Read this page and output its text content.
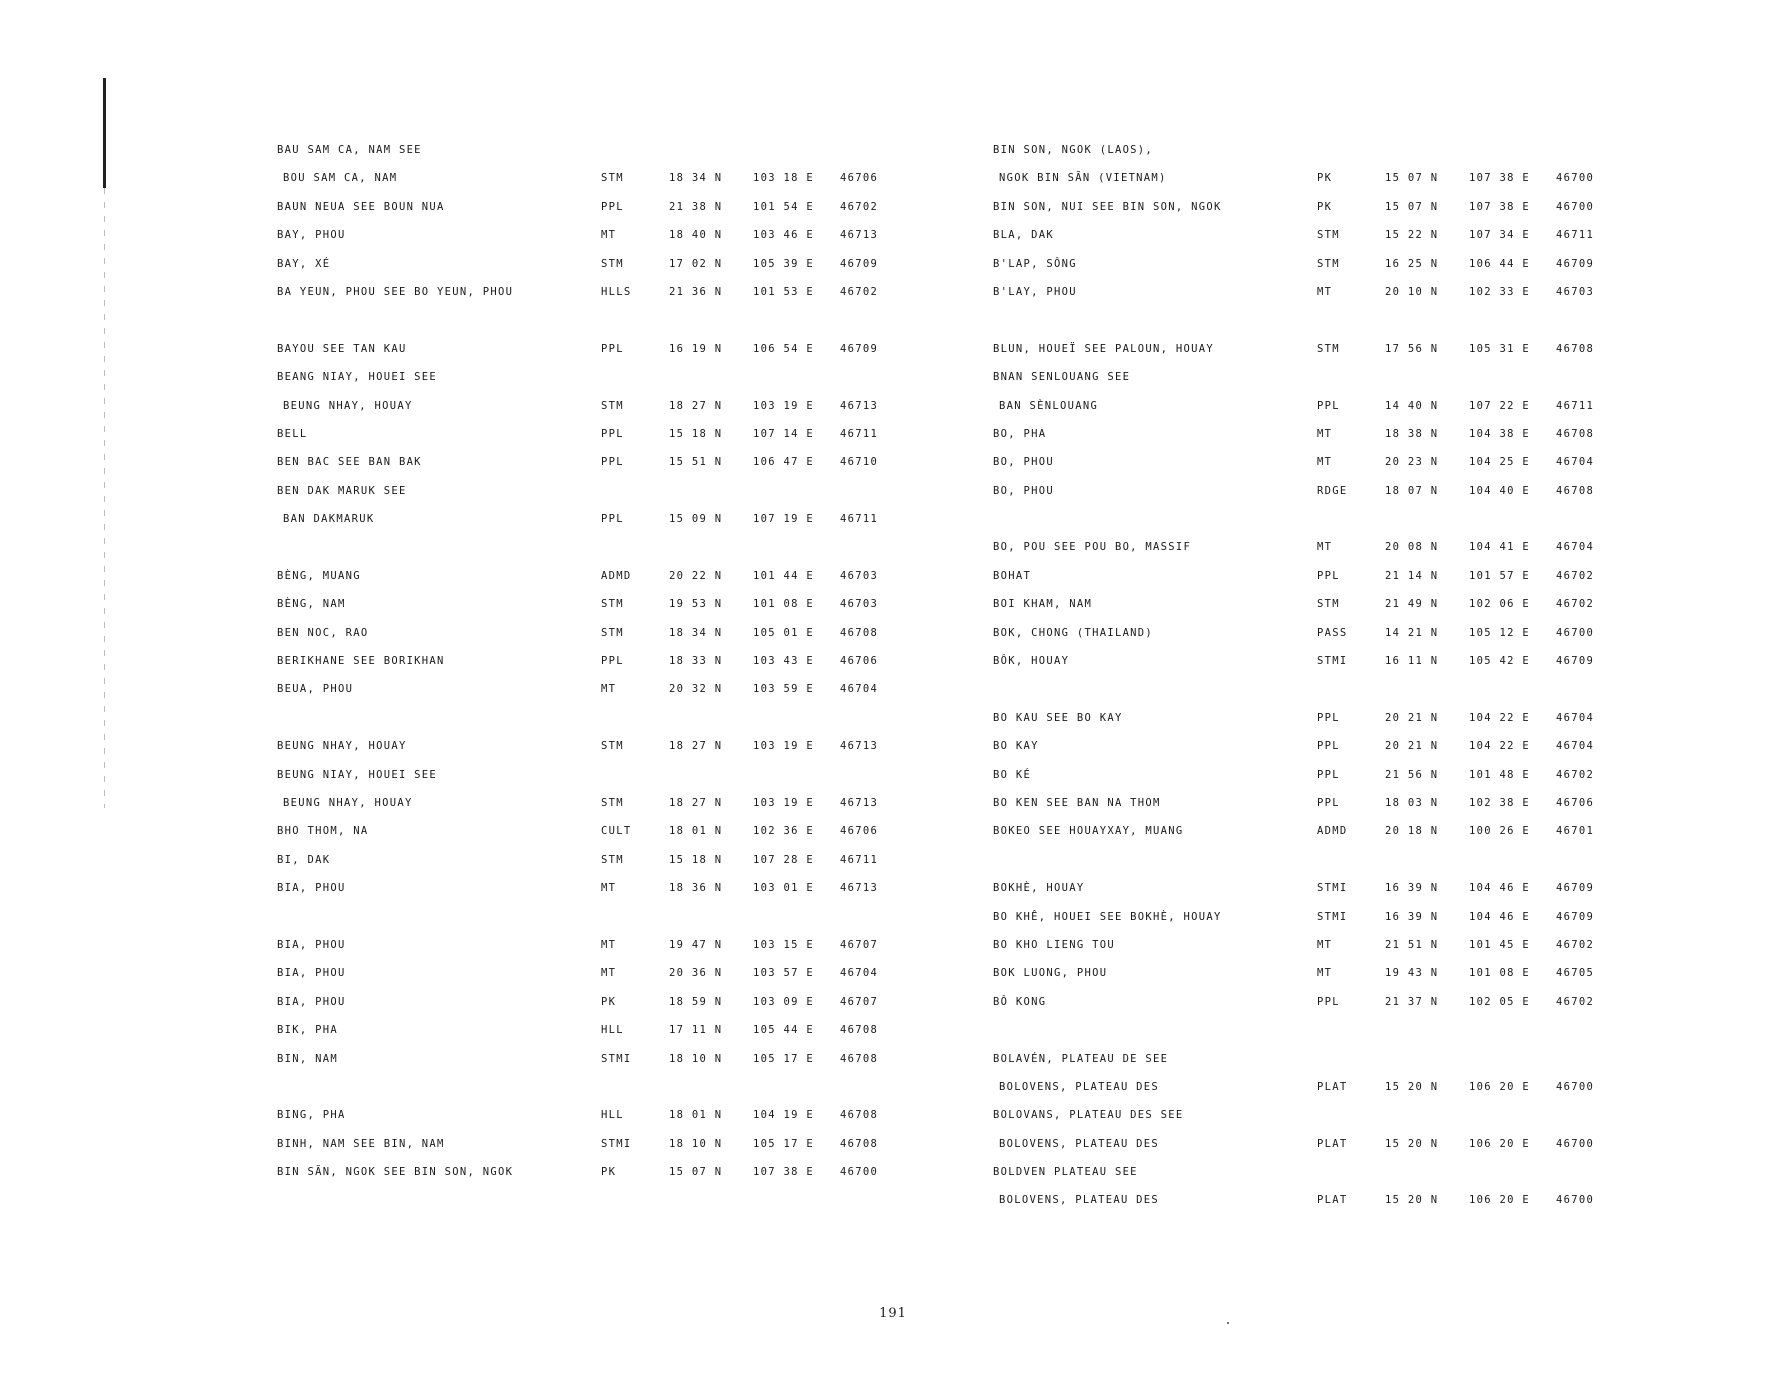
BAU SAM CA, NAM SEE
BOU SAM CA, NAM	STM	18 34 N	103 18 E 46706
BAUN NEUA SEE BOUN NUA	PPL	21 38 N	101 54 E 46702
BAY, PHOU	MT	18 40 N	103 46 E 46713
BAY, XÉ	STM	17 02 N	105 39 E 46709
BA YEUN, PHOU SEE BO YEUN, PHOU	HLLS	21 36 N	101 53 E 46702
BAYOU SEE TAN KAU	PPL	16 19 N	106 54 E 46709
BEANG NIAY, HOUEI SEE
BEUNG NHAY, HOUAY	STM	18 27 N	103 19 E 46713
BELL	PPL	15 18 N	107 14 E 46711
BEN BAC SEE BAN BAK	PPL	15 51 N	106 47 E 46710
BEN DAK MARUK SEE
BAN DAKMARUK	PPL	15 09 N	107 19 E 46711
BÈNG, MUANG	ADMD	20 22 N	101 44 E 46703
BÈNG, NAM	STM	19 53 N	101 08 E 46703
BEN NOC, RAO	STM	18 34 N	105 01 E 46708
BERIKHANE SEE BORIKHAN	PPL	18 33 N	103 43 E 46706
BEUA, PHOU	MT	20 32 N	103 59 E 46704
BEUNG NHAY, HOUAY	STM	18 27 N	103 19 E 46713
BEUNG NIAY, HOUEI SEE
BEUNG NHAY, HOUAY	STM	18 27 N	103 19 E 46713
BHO THOM, NA	CULT	18 01 N	102 36 E 46706
BI, DAK	STM	15 18 N	107 28 E 46711
BIA, PHOU	MT	18 36 N	103 01 E 46713
BIA, PHOU	MT	19 47 N	103 15 E 46707
BIA, PHOU	MT	20 36 N	103 57 E 46704
BIA, PHOU	PK	18 59 N	103 09 E 46707
BIK, PHA	HLL	17 11 N	105 44 E 46708
BIN, NAM	STMI	18 10 N	105 17 E 46708
BING, PHA	HLL	18 01 N	104 19 E 46708
BINH, NAM SEE BIN, NAM	STMI	18 10 N	105 17 E 46708
BIN SÃN, NGOK SEE BIN SON, NGOK	PK	15 07 N	107 38 E 46700
BIN SON, NGOK (LAOS),
NGOK BIN SÃN (VIETNAM)	PK	15 07 N	107 38 E 46700
BIN SON, NUI SEE BIN SON, NGOK	PK	15 07 N	107 38 E 46700
BLA, DAK	STM	15 22 N	107 34 E 46711
B'LAP, SÔNG	STM	16 25 N	106 44 E 46709
B'LAY, PHOU	MT	20 10 N	102 33 E 46703
BLUN, HOUEÏ SEE PALOUN, HOUAY	STM	17 56 N	105 31 E 46708
BNAN SENLOUANG SEE
BAN SÈNLOUANG	PPL	14 40 N	107 22 E 46711
BO, PHA	MT	18 38 N	104 38 E 46708
BO, PHOU	MT	20 23 N	104 25 E 46704
BO, PHOU	RDGE	18 07 N	104 40 E 46708
BO, POU SEE POU BO, MASSIF	MT	20 08 N	104 41 E 46704
BOHAT	PPL	21 14 N	101 57 E 46702
BOI KHAM, NAM	STM	21 49 N	102 06 E 46702
BOK, CHONG (THAILAND)	PASS	14 21 N	105 12 E 46700
BÔK, HOUAY	STMI	16 11 N	105 42 E 46709
BO KAU SEE BO KAY	PPL	20 21 N	104 22 E 46704
BO KAY	PPL	20 21 N	104 22 E 46704
BO KÉ	PPL	21 56 N	101 48 E 46702
BO KEN SEE BAN NA THOM	PPL	18 03 N	102 38 E 46706
BOKEO SEE HOUAYXAY, MUANG	ADMD	20 18 N	100 26 E 46701
BOKHÈ, HOUAY	STMI	16 39 N	104 46 E 46709
BO KHÊ, HOUEI SEE BOKHÈ, HOUAY	STMI	16 39 N	104 46 E 46709
BO KHO LIENG TOU	MT	21 51 N	101 45 E 46702
BOK LUONG, PHOU	MT	19 43 N	101 08 E 46705
BÔ KONG	PPL	21 37 N	102 05 E 46702
BOLAVÉN, PLATEAU DE SEE
BOLOVENS, PLATEAU DES	PLAT	15 20 N	106 20 E 46700
BOLOVANS, PLATEAU DES SEE
BOLOVENS, PLATEAU DES	PLAT	15 20 N	106 20 E 46700
BOLDVEN PLATEAU SEE
BOLOVENS, PLATEAU DES	PLAT	15 20 N	106 20 E 46700
191
